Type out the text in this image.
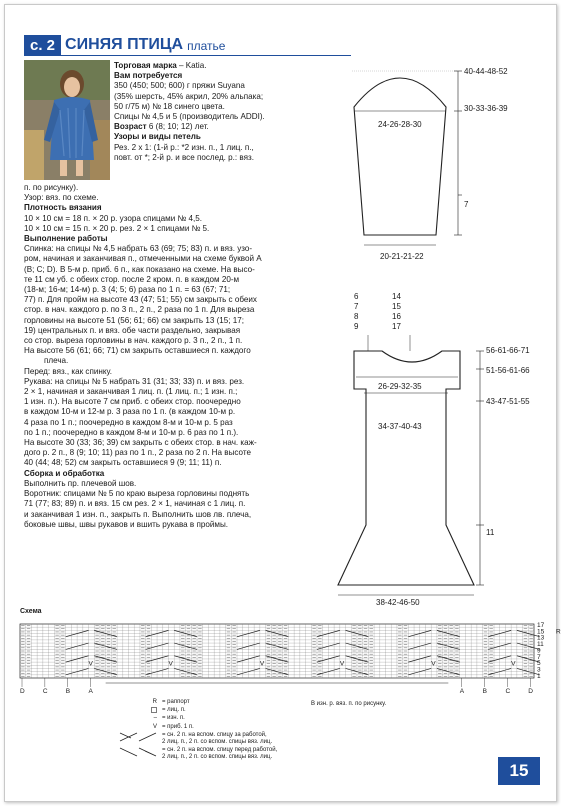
с. 2 СИНЯЯ ПТИЦА платье

Торговая марка – Katia.

Вам потребуется

350 (450; 500; 600) г пряжи Suyana

(35% шерсть, 45% акрил, 20% альпака;

50 г/75 м) № 18 синего цвета.

Спицы № 4,5 и 5 (производитель ADDI).

Возраст 6 (8; 10; 12) лет.

Узоры и виды петель

Рез. 2 х 1: (1-й р.: *2 изн. п., 1 лиц. п.,

повт. от *; 2-й р. и все послед. р.: вяз.

п. по рисунку).

Узор: вяз. по схеме.

Плотность вязания

10 × 10 см = 18 п. × 20 р. узора спицами № 4,5.

10 × 10 см = 15 п. × 20 р. рез. 2 × 1 спицами № 5.

Выполнение работы

Спинка: на спицы № 4,5 набрать 63 (69; 75; 83) п. и вяз. узо-

ром, начиная и заканчивая п., отмеченными на схеме буквой А

(В; С; D). В 5-м р. приб. 6 п., как показано на схеме. На высо-

те 11 см уб. с обеих стор. после 2 кром. п. в каждом 20-м

(18-м; 16-м; 14-м) р. 3 (4; 5; 6) раза по 1 п. = 63 (67; 71;

77) п. Для пройм на высоте 43 (47; 51; 55) см закрыть с обеих

стор. в нач. каждого р. по 3 п., 2 п., 2 раза по 1 п. Для выреза

горловины на высоте 51 (56; 61; 66) см закрыть 13 (15; 17;

19) центральных п. и вяз. обе части раздельно, закрывая

со стор. выреза горловины в нач. каждого р. 3 п., 2 п., 1 п.

На высоте 56 (61; 66; 71) см закрыть оставшиеся п. каждого

плеча.

Перед: вяз., как спинку.

Рукава: на спицы № 5 набрать 31 (31; 33; 33) п. и вяз. рез.

2 × 1, начиная и заканчивая 1 лиц. п. (1 лиц. п.; 1 изн. п.;

1 изн. п.). На высоте 7 см приб. с обеих стор. поочередно

в каждом 10-м и 12-м р. 3 раза по 1 п. (в каждом 10-м р.

4 раза по 1 п.; поочередно в каждом 8-м и 10-м р. 5 раз

по 1 п.; поочередно в каждом 8-м и 10-м р. 6 раз по 1 п.).

На высоте 30 (33; 36; 39) см закрыть с обеих стор. в нач. каж-

дого р. 2 п., 8 (9; 10; 11) раз по 1 п., 2 раза по 2 п. На высоте

40 (44; 48; 52) см закрыть оставшиеся 9 (9; 11; 11) п.

Сборка и обработка

Выполнить пр. плечевой шов.

Воротник: спицами № 5 по краю выреза горловины поднять

71 (77; 83; 89) п. и вяз. 15 см рез. 2 × 1, начиная с 1 лиц. п.

и заканчивая 1 изн. п., закрыть п. Выполнить шов лв. плеча,

боковые швы, швы рукавов и вшить рукава в проймы.

40-44-48-52
30-33-36-39
24-26-28-30
7
20-21-21-22
6
7
8
9
14
15
16
17
56-61-66-71
51-56-61-66
43-47-51-55
11
26-29-32-35
34-37-40-43
38-42-46-50
Схема
V	V	V	V	V	V
17
15
13
11
9
7
5
3
1
R
D	C	B	A	A	B	C	D
R = раппорт
= лиц. п.
– = изн. п.
V = приб. 1 п.
= сн. 2 п. на вспом. спицу за работой,
2 лиц. п., 2 п. со вспом. спицы вяз. лиц.
= сн. 2 п. на вспом. спицу перед работой,
2 лиц. п., 2 п. со вспом. спицы вяз. лиц.
В изн. р. вяз. п. по рисунку.
15
